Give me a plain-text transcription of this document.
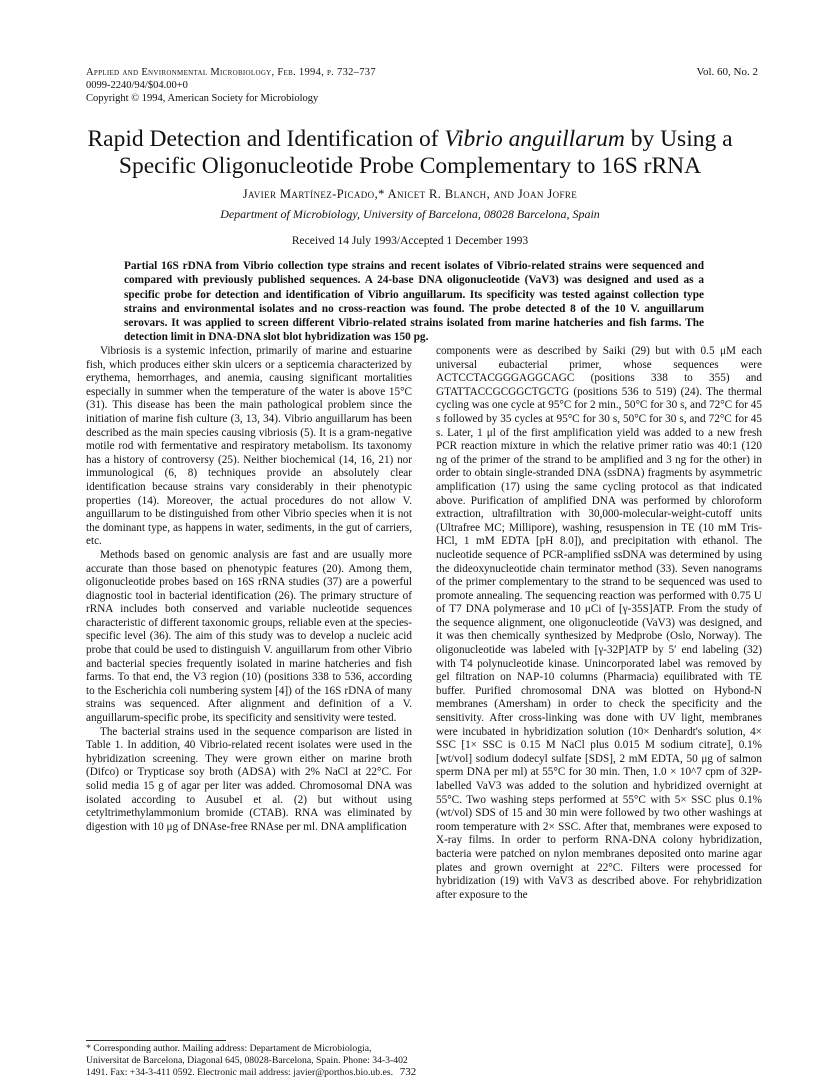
Applied and Environmental Microbiology, Feb. 1994, p. 732–737
0099-2240/94/$04.00+0
Copyright © 1994, American Society for Microbiology
Vol. 60, No. 2
Rapid Detection and Identification of Vibrio anguillarum by Using a
Specific Oligonucleotide Probe Complementary to 16S rRNA
Javier Martínez-Picado,* Anicet R. Blanch, and Joan Jofre
Department of Microbiology, University of Barcelona, 08028 Barcelona, Spain
Received 14 July 1993/Accepted 1 December 1993
Partial 16S rDNA from Vibrio collection type strains and recent isolates of Vibrio-related strains were sequenced and compared with previously published sequences. A 24-base DNA oligonucleotide (VaV3) was designed and used as a specific probe for detection and identification of Vibrio anguillarum. Its specificity was tested against collection type strains and environmental isolates and no cross-reaction was found. The probe detected 8 of the 10 V. anguillarum serovars. It was applied to screen different Vibrio-related strains isolated from marine hatcheries and fish farms. The detection limit in DNA-DNA slot blot hybridization was 150 pg.

Vibriosis is a systemic infection, primarily of marine and estuarine fish, which produces either skin ulcers or a septicemia characterized by erythema, hemorrhages, and anemia, causing significant mortalities especially in summer when the temperature of the water is above 15°C (31). This disease has been the main pathological problem since the initiation of marine fish culture (3, 13, 34). Vibrio anguillarum has been described as the main species causing vibriosis (5). It is a gram-negative motile rod with fermentative and respiratory metabolism. Its taxonomy has a history of controversy (25). Neither biochemical (14, 16, 21) nor immunological (6, 8) techniques provide an absolutely clear identification because strains vary considerably in their phenotypic properties (14). Moreover, the actual procedures do not allow V. anguillarum to be distinguished from other Vibrio species when it is not the dominant type, as happens in water, sediments, in the gut of carriers, etc.

Methods based on genomic analysis are fast and are usually more accurate than those based on phenotypic features (20). Among them, oligonucleotide probes based on 16S rRNA studies (37) are a powerful diagnostic tool in bacterial identification (26). The primary structure of rRNA includes both conserved and variable nucleotide sequences characteristic of different taxonomic groups, reliable even at the species-specific level (36). The aim of this study was to develop a nucleic acid probe that could be used to distinguish V. anguillarum from other Vibrio and bacterial species frequently isolated in marine hatcheries and fish farms. To that end, the V3 region (10) (positions 338 to 536, according to the Escherichia coli numbering system [4]) of the 16S rDNA of many strains was sequenced. After alignment and definition of a V. anguillarum-specific probe, its specificity and sensitivity were tested.

The bacterial strains used in the sequence comparison are listed in Table 1. In addition, 40 Vibrio-related recent isolates were used in the hybridization screening. They were grown either on marine broth (Difco) or Trypticase soy broth (ADSA) with 2% NaCl at 22°C. For solid media 15 g of agar per liter was added. Chromosomal DNA was isolated according to Ausubel et al. (2) but without using cetyltrimethylammonium bromide (CTAB). RNA was eliminated by digestion with 10 μg of DNAse-free RNAse per ml. DNA amplification

components were as described by Saiki (29) but with 0.5 μM each universal eubacterial primer, whose sequences were ACTCCTACGGGAGGCAGC (positions 338 to 355) and GTATTACCGCGGCTGCTG (positions 536 to 519) (24). The thermal cycling was one cycle at 95°C for 2 min., 50°C for 30 s, and 72°C for 45 s followed by 35 cycles at 95°C for 30 s, 50°C for 30 s, and 72°C for 45 s. Later, 1 μl of the first amplification yield was added to a new fresh PCR reaction mixture in which the relative primer ratio was 40:1 (120 ng of the primer of the strand to be amplified and 3 ng for the other) in order to obtain single-stranded DNA (ssDNA) fragments by asymmetric amplification (17) using the same cycling protocol as that indicated above. Purification of amplified DNA was performed by chloroform extraction, ultrafiltration with 30,000-molecular-weight-cutoff units (Ultrafree MC; Millipore), washing, resuspension in TE (10 mM Tris-HCl, 1 mM EDTA [pH 8.0]), and precipitation with ethanol. The nucleotide sequence of PCR-amplified ssDNA was determined by using the dideoxynucleotide chain terminator method (33). Seven nanograms of the primer complementary to the strand to be sequenced was used to promote annealing. The sequencing reaction was performed with 0.75 U of T7 DNA polymerase and 10 μCi of [γ-35S]ATP. From the study of the sequence alignment, one oligonucleotide (VaV3) was designed, and it was then chemically synthesized by Medprobe (Oslo, Norway). The oligonucleotide was labeled with [γ-32P]ATP by 5′ end labeling (32) with T4 polynucleotide kinase. Unincorporated label was removed by gel filtration on NAP-10 columns (Pharmacia) equilibrated with TE buffer. Purified chromosomal DNA was blotted on Hybond-N membranes (Amersham) in order to check the specificity and the sensitivity. After cross-linking was done with UV light, membranes were incubated in hybridization solution (10× Denhardt's solution, 4× SSC [1× SSC is 0.15 M NaCl plus 0.015 M sodium citrate], 0.1% [wt/vol] sodium dodecyl sulfate [SDS], 2 mM EDTA, 50 μg of salmon sperm DNA per ml) at 55°C for 30 min. Then, 1.0 × 10^7 cpm of 32P-labelled VaV3 was added to the solution and hybridized overnight at 55°C. Two washing steps performed at 55°C with 5× SSC plus 0.1% (wt/vol) SDS of 15 and 30 min were followed by two other washings at room temperature with 2× SSC. After that, membranes were exposed to X-ray films. In order to perform RNA-DNA colony hybridization, bacteria were patched on nylon membranes deposited onto marine agar plates and grown overnight at 22°C. Filters were processed for hybridization (19) with VaV3 as described above. For rehybridization after exposure to the

* Corresponding author. Mailing address: Departament de Microbiologia, Universitat de Barcelona, Diagonal 645, 08028-Barcelona, Spain. Phone: 34-3-402 1491. Fax: +34-3-411 0592. Electronic mail address: javier@porthos.bio.ub.es. 732
